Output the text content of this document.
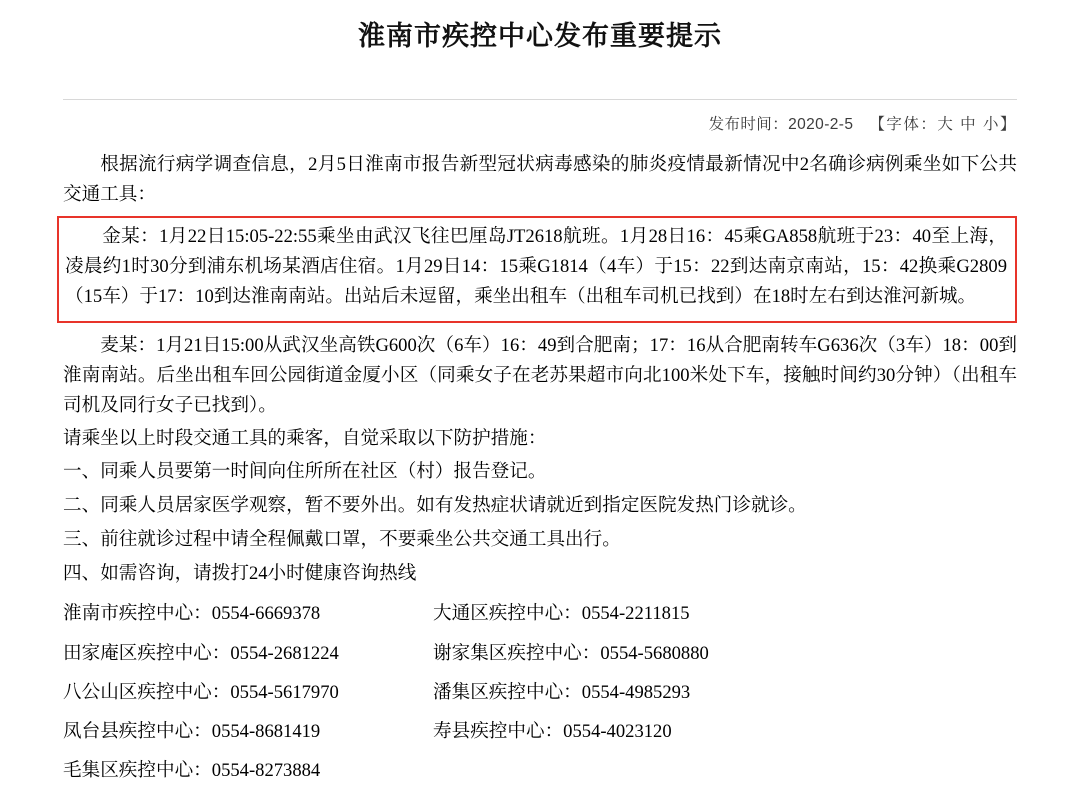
淮南市疾控中心发布重要提示
发布时间：2020-2-5 【字体：大 中 小】

根据流行病学调查信息，2月5日淮南市报告新型冠状病毒感染的肺炎疫情最新情况中2名确诊病例乘坐如下公共交通工具：

金某：1月22日15:05-22:55乘坐由武汉飞往巴厘岛JT2618航班。1月28日16：45乘GA858航班于23：40至上海，凌晨约1时30分到浦东机场某酒店住宿。1月29日14：15乘G1814（4车）于15：22到达南京南站，15：42换乘G2809（15车）于17：10到达淮南南站。出站后未逗留，乘坐出租车（出租车司机已找到）在18时左右到达淮河新城。

麦某：1月21日15:00从武汉坐高铁G600次（6车）16：49到合肥南；17：16从合肥南转车G636次（3车）18：00到淮南南站。后坐出租车回公园街道金厦小区（同乘女子在老苏果超市向北100米处下车，接触时间约30分钟）（出租车司机及同行女子已找到）。

请乘坐以上时段交通工具的乘客，自觉采取以下防护措施：

一、同乘人员要第一时间向住所所在社区（村）报告登记。

二、同乘人员居家医学观察，暂不要外出。如有发热症状请就近到指定医院发热门诊就诊。

三、前往就诊过程中请全程佩戴口罩，不要乘坐公共交通工具出行。

四、如需咨询，请拨打24小时健康咨询热线

淮南市疾控中心：0554-6669378	大通区疾控中心：0554-2211815
田家庵区疾控中心：0554-2681224	谢家集区疾控中心：0554-5680880
八公山区疾控中心：0554-5617970	潘集区疾控中心：0554-4985293
凤台县疾控中心：0554-8681419	寿县疾控中心：0554-4023120
毛集区疾控中心：0554-8273884
